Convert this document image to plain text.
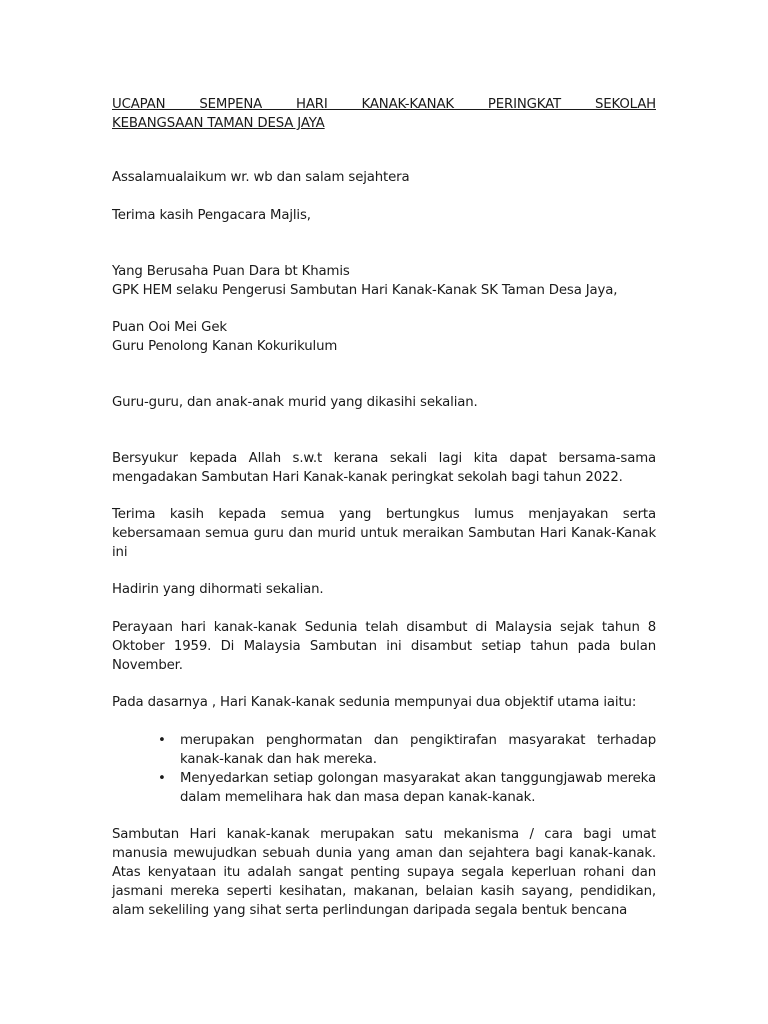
UCAPAN SEMPENA HARI KANAK-KANAK PERINGKAT SEKOLAH
KEBANGSAAN TAMAN DESA JAYA

Assalamualaikum wr. wb dan salam sejahtera

Terima kasih Pengacara Majlis,

Yang Berusaha Puan Dara bt Khamis
GPK HEM selaku Pengerusi Sambutan Hari Kanak-Kanak SK Taman Desa Jaya,

Puan Ooi Mei Gek
Guru Penolong Kanan Kokurikulum

Guru-guru, dan anak-anak murid yang dikasihi sekalian.

Bersyukur kepada Allah s.w.t kerana sekali lagi kita dapat bersama-sama mengadakan Sambutan Hari Kanak-kanak peringkat sekolah bagi tahun 2022.

Terima kasih kepada semua yang bertungkus lumus menjayakan serta kebersamaan semua guru dan murid untuk meraikan Sambutan Hari Kanak-Kanak ini

Hadirin yang dihormati sekalian.

Perayaan hari kanak-kanak Sedunia telah disambut di Malaysia sejak tahun 8 Oktober 1959. Di Malaysia Sambutan ini disambut setiap tahun pada bulan November.

Pada dasarnya , Hari Kanak-kanak sedunia mempunyai dua objektif utama iaitu:

• merupakan penghormatan dan pengiktirafan masyarakat terhadap kanak-kanak dan hak mereka.
• Menyedarkan setiap golongan masyarakat akan tanggungjawab mereka dalam memelihara hak dan masa depan kanak-kanak.

Sambutan Hari kanak-kanak merupakan satu mekanisma / cara bagi umat manusia mewujudkan sebuah dunia yang aman dan sejahtera bagi kanak-kanak. Atas kenyataan itu adalah sangat penting supaya segala keperluan rohani dan jasmani mereka seperti kesihatan, makanan, belaian kasih sayang, pendidikan, alam sekeliling yang sihat serta perlindungan daripada segala bentuk bencana
